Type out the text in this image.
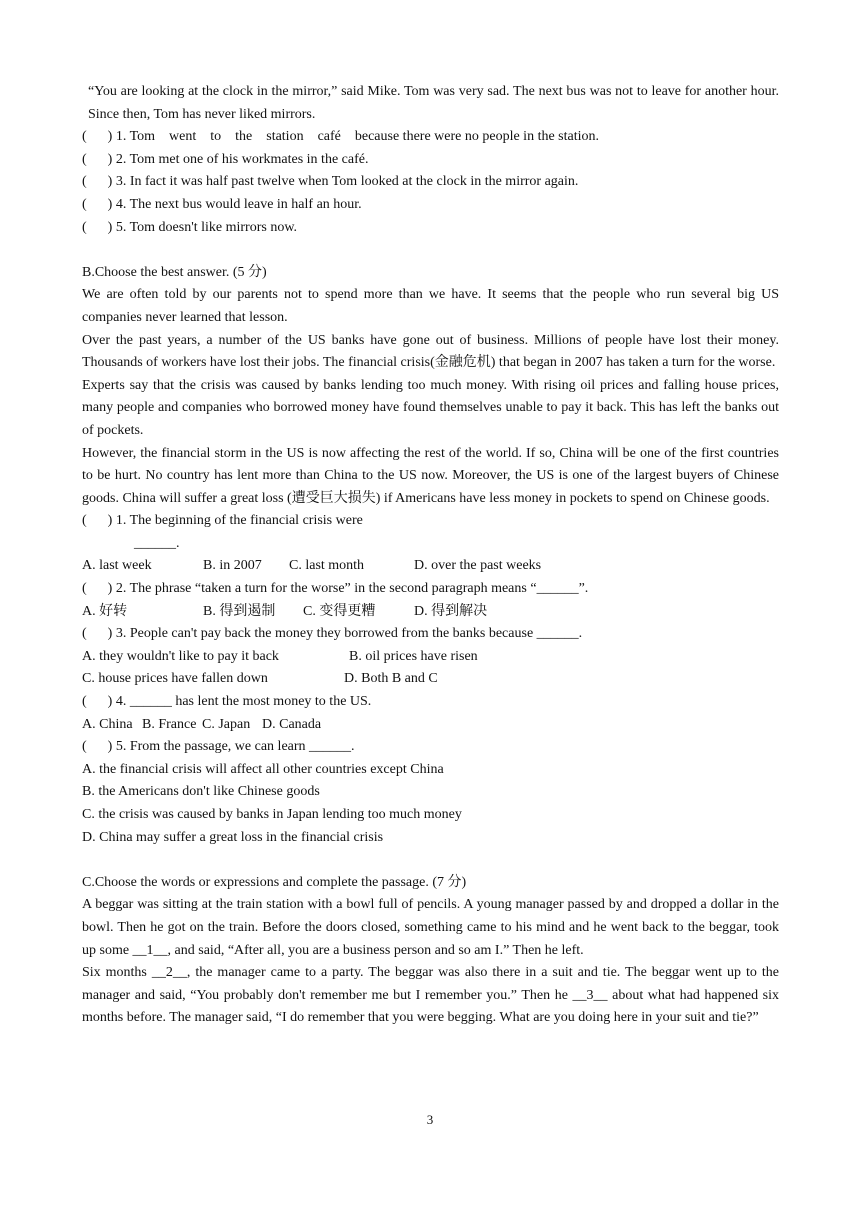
“You are looking at the clock in the mirror,” said Mike. Tom was very sad. The next bus was not to leave for another hour. Since then, Tom has never liked mirrors.

(      ) 1. Tom    went    to    the    station    café    because there were no people in the station.
(      ) 2. Tom met one of his workmates in the café.
(      ) 3. In fact it was half past twelve when Tom looked at the clock in the mirror again.
(      ) 4. The next bus would leave in half an hour.
(      ) 5. Tom doesn't like mirrors now.
B.Choose the best answer. (5 分)

We are often told by our parents not to spend more than we have. It seems that the people who run several big US companies never learned that lesson.

Over the past years, a number of the US banks have gone out of business. Millions of people have lost their money. Thousands of workers have lost their jobs. The financial crisis(金融危机) that began in 2007 has taken a turn for the worse.

Experts say that the crisis was caused by banks lending too much money. With rising oil prices and falling house prices, many people and companies who borrowed money have found themselves unable to pay it back. This has left the banks out of pockets.

However, the financial storm in the US is now affecting the rest of the world. If so, China will be one of the first countries to be hurt. No country has lent more than China to the US now. Moreover, the US is one of the largest buyers of Chinese goods. China will suffer a great loss (遭受巨大损失) if Americans have less money in pockets to spend on Chinese goods.

(      ) 1. The beginning of the financial crisis were
______.
A. last week	B. in 2007	C. last month	D. over the past weeks
(      ) 2. The phrase “taken a turn for the worse” in the second paragraph means “______”.
A. 好转	B. 得到遏制	C. 变得更糟	D. 得到解决
(      ) 3. People can't pay back the money they borrowed from the banks because ______.
A. they wouldn't like to pay it back	B. oil prices have risen
C. house prices have fallen down	D. Both B and C
(      ) 4. ______ has lent the most money to the US.
A. China B. France C. Japan D. Canada
(      ) 5. From the passage, we can learn ______.
A. the financial crisis will affect all other countries except China
B. the Americans don't like Chinese goods
C. the crisis was caused by banks in Japan lending too much money
D. China may suffer a great loss in the financial crisis
C.Choose the words or expressions and complete the passage. (7 分)

A beggar was sitting at the train station with a bowl full of pencils. A young manager passed by and dropped a dollar in the bowl. Then he got on the train. Before the doors closed, something came to his mind and he went back to the beggar, took up some __1__, and said, “After all, you are a business person and so am I.” Then he left.

Six months __2__, the manager came to a party. The beggar was also there in a suit and tie. The beggar went up to the manager and said, “You probably don't remember me but I remember you.” Then he __3__ about what had happened six months before. The manager said, “I do remember that you were begging. What are you doing here in your suit and tie?”

3
